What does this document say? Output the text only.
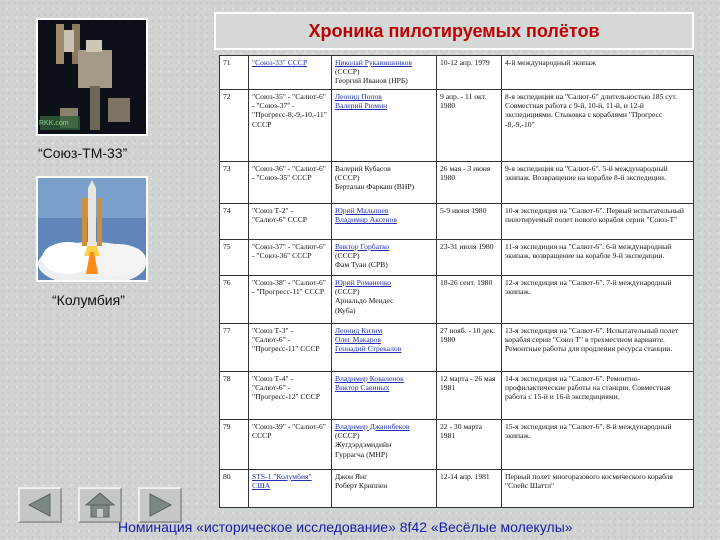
Хроника пилотируемых полётов
RKK.com
“Союз-ТМ-33”
“Колумбия”
71	"Союз-33" СССР	Николай Рукавишников
(СССР)
Георгий Иванов (НРБ)	10-12 апр. 1979	4-й международный экипаж
72	"Союз-35" - "Салют-6" - "Союз-37" - "Прогресс-8,-9,-10,-11" СССР	Леонид Попов
Валерий Рюмин	9 апр. - 11 окт. 1980	8-я экспедиция на "Салют-6" длительностью 185 сут. Совместная работа с 9-й, 10-й, 11-й, и 12-й экспедициями. Стыковка с кораблями "Прогресс -8,-9,-10"
73	"Союз-36" - "Салют-6" - "Союз-35" СССР	Валерий Кубасов
(СССР)
Берталан Фаркаш (ВНР)	26 мая - 3 июня 1980	9-я экспедиция на "Салют-6". 5-й международный экипаж. Возвращение на корабле 8-й экспедиции.
74	"Союз Т-2" - "Салют-6" СССР	Юрий Малышев
Владимир Аксенов	5-9 июня 1980	10-я экспедиция на "Салют-6". Первый испытательный пилотируемый полет нового корабля серии "Союз-Т"
75	"Союз-37" - "Салют-6" - "Союз-36" СССР	Виктор Горбатко
(СССР)
Фам Туан (СРВ)	23-31 июля 1980	11-я экспедиция на "Салют-6". 6-й международный экипаж, возвращение на корабле 9-й экспедиции.
76	"Союз-38" - "Салют-6" - "Прогресс-11" СССР	Юрий Романенко
(СССР)
Арнальдо Мендес
(Куба)	18-26 сент. 1980	12-я экспедиция на "Салют-6". 7-й международный экипаж.
77	"Союз Т-3" - "Салют-6" - "Прогресс-11" СССР	Леонид Кизим
Олег Макаров
Геннадий Стрекалов	27 нояб. - 10 дек. 1980	13-я экспедиция на "Салют-6". Испытательный полет корабля серии "Союз Т" в трехместном варианте. Ремонтные работы для продления ресурса станции.
78	"Союз Т-4" - "Салют-6" - "Прогресс-12" СССР	Владимир Коваленок
Виктор Савиных	12 марта - 26 мая 1981	14-я экспедиция на "Салют-6". Ремонтно-профилактические работы на станции. Совместная работа с 15-й и 16-й экспедициями.
79	"Союз-39" - "Салют-6" СССР	Владимир Джанибеков
(СССР)
Жугдэрдэмидийн
Гуррагча (МНР)	22 - 30 марта 1981	15-я экспедиция на "Салют-6". 8-й международный экипаж.
80	STS-1 "Колумбия" США	Джон Янг
Роберт Криппен	12-14 апр. 1981	Первый полет многоразового космического корабля "Спейс Шаттл"
Номинация «историческое исследование» 8f42 «Весёлые молекулы»
